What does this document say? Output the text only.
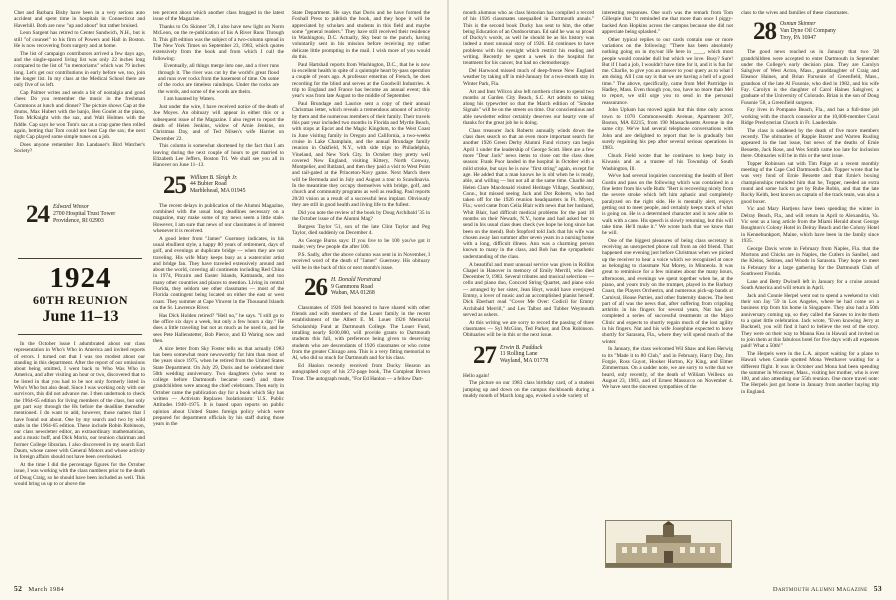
Chet and Barbara Bisby have been in a very serious auto accident and spent time in hospitals in Connecticut and Haverhill. Both are now "up and about" but rather bruised.

Leon Sargent has retired to Center Sandwich, N.H., but is still "of counsel" to his firm of Powers and Hall in Boston. He is now recovering from surgery and at home.

The list of campaign contributors arrived a few days ago, and the single-spaced living list was only 22 inches long compared to the list of "in memoriams" which was 79 inches long. Let's get our contributions in early before we, too, join the longer list. In my class at the Medical School there are only five of us left.

Cap Palmer writes and sends a bit of nostalgia and good cheer. Do you remember the music in the freshman Commons at lunch and dinner? The picture shows Cap at the drums, Max Hubert with the banjo, Ben Goulet at the piano, Tom McKnight with the sax, and Walt Holmes with the fiddle. Cap says he won Tom's sax at a crap game then rolled again, betting that Tom could not beat Cap the sax; the next night Cap played some simple tunes on a job.

Does anyone remember Jim Landauer's Bird Watcher's Society?

24 Edward Winsor
2700 Hospital Trust Tower
Providence, RI 02903
1924
60TH REUNION
June 11–13

In the October issue I adumbrated about our class representation in Who's Who in America and invited reports of errors. I turned out that I was too modest about our standing in this department. After the report of our omissions about being omitted, I went back to Who Was Who in America, and after visiting an hour or two, discovered that to be listed in that you had to be not only formerly listed in Who's Who but also dead. Since I was working only with our survivors, this did not advance me. I then undertook to check the 1964-65 edition for living members of the class, but only got part way through the Hs before the deadline thereafter mentioned. I do want to add, however, those names that I have found out about. One by my search and two by wild stabs in the 1964-65 edition. These include Robin Robinson, our class newsletter editor, an extraordinary mathematician, and a music buff, and Dick Morin, our reunion chairman and former College librarian. I also discovered in my search Earl Daum, whose career with General Motors and whose activity in foreign affairs should not have been overlooked.

At the time I did the percentage figures for the October issue, I was working with the class numbers prior to the death of Doug Craig, so he should have been included as well. This would bring us up to or above the

ten percent about which another class bragged in the latest issue of the Magazine.

Thanks to Ox Skinner '28, I also have new light on Norm McLeon, on the re-publication of his A River Runs Through It. This gift edition was the subject of a two-column spread in The New York Times on September 23, 1983, which quotes extensively from the book and from which I cull the following:

Eventually, all things merge into one, and a river runs through it. The river was cut by the world's great flood and runs over rocks from the basement of time. On some of the rocks are timeless raindrops. Under the rocks are the words, and some of the words are theirs.

I am haunted by Waters.

Just under the wire, I have received notice of the death of Joe Moyes. An obituary will appear in either this or a subsequent issue of the Magazine. I also regret to report the death of Helen Jenkins, widow of Arnie Jenkins, on Christmas Day, and of Ted Nilsen's wife Harriet on December 22.

This column is somewhat shortened by the fact that I am leaving during the next couple of hours to get married to Elizabeth Lee Jeffers, Boston Tri. We shall see you all in Hanover on June 11–13.

25 William B. Sleigh Jr.
44 Bubier Road
Marblehead, MA 01945

The recent delays in publication of the Alumni Magazine, combined with the usual long deadlines necessary on a magazine, may make some of my news seem a little stale. However, I am sure that news of our classmates is of interest whenever it is received.

A good letter from "Jamer" Guernsey indicates, in his usual ebullient style, a happy 80 years of retirement, days of golf, and evenings at duplicate bridge — when they are not traveling. His wife Mary keeps busy as a watercolor artist and bridge fan. They have traveled extensively around and about the world, covering all continents including Red China in 1974, Pitcairn and Easter Islands, Katmandu, and too many other countries and places to mention. Living in central Florida, they seldom see other classmates — most of the Florida contingent being located on either the east or west coast. They summer at Cape Vincent in the Thousand Islands on the St. Lawrence River.

Has Dick Holden retired? "Hell no," he says. "I still go to the office six days a week, but only a few hours a day." He does a little traveling but not as much as he used to, and he sees Pete Hallenstetter, Bob Pierce, and El Waring now and then.

A nice letter from Sky Foster tells us that actually 1983 has been somewhat more newsworthy for him than most of the years since 1975, when he retired from the United States State Department. On July 29, Doris and he celebrated their 50th wedding anniversary. Two daughters (who went to college before Dartmouth became coed) and three grandchildren were among the chief celebrants. Then early in October came the publication day for a book which Sky has written — Activism Replaces Isolationism: U.S. Public Attitudes 1940–1975. It is based upon reports on public opinion about United States foreign policy which were prepared for department officials by his staff during those years in the

State Department. He says that Doris and he have formed the Foxhall Press to publish the book, and they hope it will be appreciated by scholars and students in this field and maybe some "general readers." They have still received their residence in Washington, D.C. Actually, Sky beat to the punch, having voluntarily sent in his mission before receiving my rather delicate little prompting in the mail. I wish more of you would do this.

Paul Hartshall reports from Washington, D.C., that he is now in excellent health in spite of a quintuple heart by-pass operation a couple of years ago. A professor emeritus of French, he does recording for the blind and serves at the Goodwill Industries. A trip to England and France has become an annual event; this year's was from late August to the middle of September.

Paul Brundage and Laurice sent a copy of their annual Christmas letter, which reveals a tremendous amount of activity by them and the numerous members of their family. Their travels this past year included two months in Florida and Myrtle Beach, with stops at Epcot and the Magic Kingdom, to the West Coast in June visiting family in Oregon and California, a two-weeks cruise in Lake Champlain, and the annual Brundage family reunion in Oakfield, N.Y., with side trips to Philadelphia, Vineland, and New York City. In October they pretty well covered New England, visiting Kittery, North Conway, Montpelier, and Rutland, and then they paid a visit to West Point and tail-gated at the Princeton-Navy game. Next March there will be Bermuda and in July and August a tour to Scandinavia. In the meantime they occupy themselves with bridge, golf, and church and community programs as well as reading. Paul reports 20/20 vision as a result of a successful lens implant. Obviously they are still in good health and living life to the fullest.

Did you note the review of the book by Doug Archibald '35 in the October issue of the Alumni Mag?

Burgess Taylor '51, son of the late Clint Taylor and Peg Taylor, died suddenly on December 4.

As George Burns says: If you live to be 100 you've got it made; very few people die after 100.

P.S. Sadly, after the above column was sent in in November, I received word of the death of "Jamer" Guernsey. His obituary will be in the back of this or next month's issue.

26 H. Donald Norstrand
9 Gammons Road
Waban, MA 01268

Classmates of 1926 feel honored to have shared with other friends and with members of the Louer family in the recent establishment of the Albert E. M. Louer 1926 Memorial Scholarship Fund at Dartmouth College. The Louer Fund, totalling nearly $100,000, will provide grants to Dartmouth students this fall, with preference being given to deserving students who are descendants of 1926 classmates or who come from the greater Chicago area. This is a very fitting memorial to Al, who did so much for Dartmouth and for his class.

Ed Hanlon recently received from Ducky Hearon an autographed copy of his 272-page book, The Compleat Brown Trout. The autograph reads, "For Ed Hanlon — a fellow Dart-

52 March 1984

mouth alumnus who as class historian has compiled a record of his 1926 classmates unequalled in Dartmouth annals." This is the second book Ducky has sent to him, the other being Education of an Outdoorsman. Ed said he was so proud of Ducky's words, as well he should be as his history was indeed a most unusual story of 1926. Ed continues to have problems with his eyesight which restrict his reading and writing. Recently he spent a week in the hospital for treatment for his cancer, but had no chemotherapy.

Del Harwood missed much of deep-freeze New England weather by taking off in mid-January for a two-month stay in Winter Park, Fla.

Art and Inez Wilcox also left northern climes to spend two months at Garden City Beach, S.C. Art admits to taking along his typewriter so that the March edition of "Smoke Signals" will be on the streets on time. Our conscientious and able newsletter editor certainly deserves our hearty vote of thanks for the great job he is doing.

Class treasurer Jack Roberts annually winds down the class dues search so that an even more important search for another 1926 Green Derby Alumni Fund victory can begin April 1 under the leadership of George Scott. Here are a few more "Dear Jack" news items to close out the class dues season: Frank Poor landed in the hospital in October with a mild stroke, but says he is now "first string" again, except for age. He added that a man knows he is old when he is ready, able, and willing — but not all at the same time. Charlie and Helen Clare Macdonald visited Heritage Village, Southbury, Conn., but missed seeing Jack and Dot Roberts, who had taken off for the 1926 reunion headquarters in Ft. Myers, Fla.; word came from Celia Blair with news that her husband, Whit Blair, had difficult medical problems for the past 18 months on their Newark, N.Y., home and had asked her to send in his usual class dues check (we hope he long since has been on the mend). Bob Stopford told Jack that his wife was chosen away last summer after seven years in a nursing home with a long, difficult illness. Ann was a charming person known to many in the class, and Bob has the sympathetic understanding of the class.

A beautiful and most unusual service was given in Rollins Chapel in Hanover in memory of Emily Merrill, who died December 9, 1983. Several tributes and musical selections — cello and piano duo, Concord String Quartet, and piano solo — arranged by her sister, Jean Hoyt, would have overjoyed Emmy, a lover of music and an accomplished pianist herself. Dick Eberhart read "Cover Me Over: Codicil for Emmy Archibald Merrill," and Les Talbot and Tubber Weymouth served as ushers.

At this writing we are sorry to record the passing of three classmates — Syl McGinn, Ted Parker, and Don Robinson. Obituaries will be in this or the next issue.

27 Erwin B. Padduck
11 Rolling Lane
Wayland, MA 01778

Hello again!

The picture on our 1983 class birthday card, of a student jumping up and down on the campus duckboards during a muddy month of March long ago, evoked a wide variety of

interesting responses. One such was the remark from Tom Gillespie that "it reminded me that more than once I piggy-backed Ann Hopkins across the campus because she did not appreciate being splashed."

Other typical replies to our cards contain one or more variations on the following: "There has been absolutely nothing going on in my/our life here in ____, which most people would consider dull but which we love. Busy? Sure! But if I had a job, I wouldn't have time for it, and it is fun for me. Charlie, to give you an answer to your query as to what I am doing. All I can say is that we are having a hell of a good time." The above, specifically, came from Mel Partridge in Hadley, Mass. Even though you, too, have no more than Mel to report, we still urge you to send in the personal reassurance.

John Upham has moved again but this time only across town to 1070 Commonwealth Avenue, Apartment 207, Boston, MA 02215, from 190 Massachusetts Avenue in the same city. We've had several telephone conversations with John and are delighted to report that he is gradually but surely regaining his pep after several serious operations in 1983.

Chuck Field wrote that he continues to keep busy in Kiwanis and as a trustee of his Township of South Washington, Ill.

We've had several inquiries concerning the health of Bert Gustin and pass on the following which was contained in a fine letter from his wife Ruth: "Bert is recovering nicely from the severe stroke which left him aphasic and completely paralyzed on the right side. He is mentally alert, enjoys getting out to meet people, and certainly keeps track of what is going on. He is a determined character and is now able to walk with a cane. His speech is slowly returning, but this will take time. He'll make it." We wrote back that we know that he will.

One of the biggest pleasures of being class secretary is receiving an unexpected phone call from an old friend. That happened one evening just before Christmas when we picked up the receiver to hear a voice which we recognized at once as belonging to classmate Nat Morey, in Minneola. It was great to reminisce for a few minutes about the many hours, afternoons, and evenings we spent together when he, at the piano, and yours truly on the trumpet, played in the Barbary Coast, the Players Orchestra, and numerous pick-up bands at Carnival, House Parties, and other fraternity dances. The best part of all was the news that, after suffering from crippling arthritis in his fingers for several years, Nat has just completed a series of successful treatments at the Mayo Clinic and expects to shortly regain much of the lost agility in his fingers. Nat and his wife Josephine expected to leave shortly for Sarasota, Fla., where they will spend much of the winter.

In January, the class welcomed Wil Shaw and Ken Herwig to its "Made it to 80 Club," and in February, Harry Day, Jim Forgie, Ross Guyot, Hooker Horton, Ky King, and Elmer Zimmerman. On a sadder note, we are sorry to write that we heard, only recently, of the death of William Veilleux on August 23, 1983, and of Ernest Massucco on November 4. We have sent the sincerest sympathies of the

class to the wives and families of these classmates.

28 Osmun Skinner
Van Dyne Oil Company
Troy, PA 16947

The good news reached us in January that two '28 grandchildren were accepted to enter Dartmouth in September under the College's early decision plan. They are Carolyn Salsgiver of West Acton, Mass., granddaughter of Craig and Eleanor Haines, and Brian Fursonie of Greenfield, Mass., grandson of the late Al Fusonie, who died in 1982, and his wife Fay. Carolyn is the daughter of Carol Haines Salsgiver, a graduate of the University of Colorado. Brian is the son of Doug Fusonie '58, a Greenfield surgeon.

Fay lives in Pompano Beach, Fla., and has a full-time job working with the church counselor at the 10,000-member Coral Ridge Presbyterian Church in Ft. Lauderdale.

The class is saddened by the death of five more members recently. The obituaries of Rappie Baxter and Warren Rusling appeared in the last issue, but news of the deaths of Ernie Bessette, Jack Rose, and Wes Smith came too late for inclusion there. Obituaries will be in this or the next issue.

Topper Robinson sat with Tim Paige at a recent monthly meeting of the Cape Cod Dartmouth Club. Topper wrote that he was very fond of Ernie Bessette and that Ernie's boxing championships reminded him that he, Topper, needed an extra round and some luck to get by Rube Robin, and that the late Rocky Keith, best known as captain of the track team, was also a good boxer.

Vic and Mary Hartjens have been spending the winter in Delray Beach, Fla., and will return in April to Alexandria, Va. Vic sent us a long article from the Miami Herald about George Boughton's Colony Hotel in Delray Beach and the Colony Hotel in Kennebunkport, Maine, which have been in the family since 1935.

George Davis wrote in February from Naples, Fla. that the Mortons and Chicks are in Naples, the Cutlers in Sanibel, and the Kleins, Sebises, and Woods in Sarasota. They hope to meet in February for a large gathering for the Dartmouth Club of Southwest Florida.

Lane and Betty Dwinell left in January for a cruise around South America and will return in April.

Jack and Connie Herpel went out to spend a weekend to visit their son Jay '59 in Los Angeles, where he had come on a business trip from his home in Singapore. They also had a 50th anniversary coming up, so they called the Sanses to invite them to a quiet little celebration. Jack wrote, "Even knowing Jerry at Bucknell, you will find it hard to believe the rest of the story. They were on their way to Mauna Kea in Hawaii and invited us to join them at this fabulous hotel for five days with all expenses paid! What a 50th!"

The Herpels were in the L.A. airport waiting for a plane to Hawaii when Connie spotted Mona Westhaver waiting for a different flight. It was in October and Mona had been spending the summer in Worcester, Mass., visiting her mother, who is over 100, and also attending our 55th reunion. One more travel note: The Herpels just got home in January from another buying trip in England.

Dartmouth Alumni Magazine 53
